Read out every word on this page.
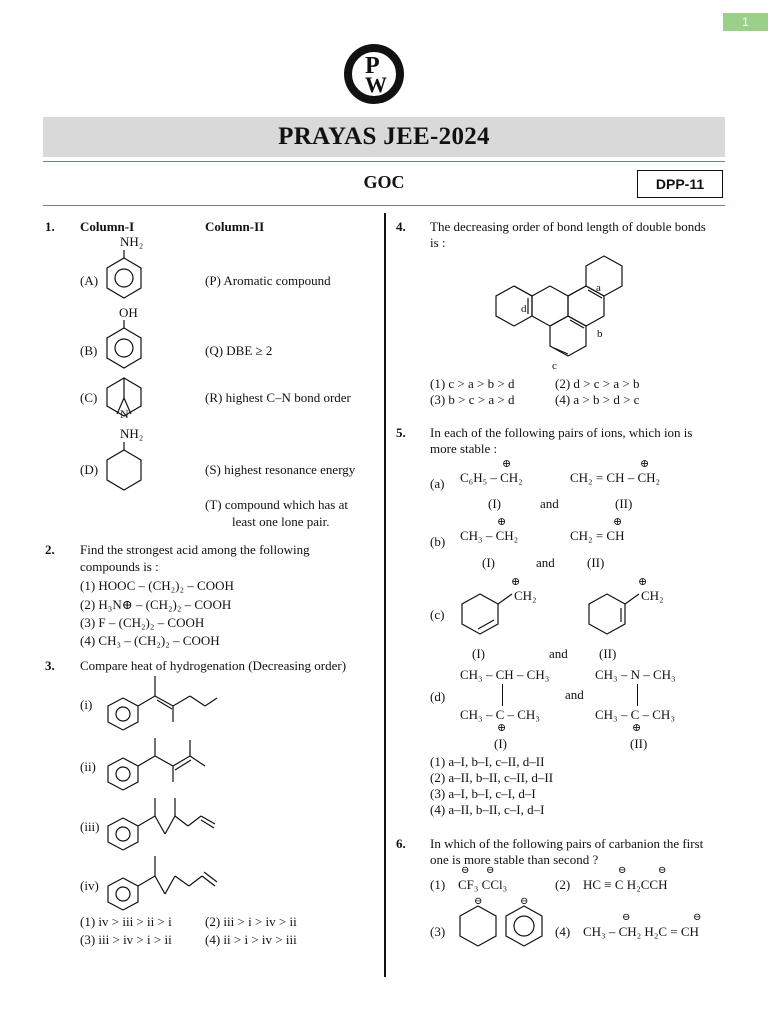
1
P
W
PRAYAS JEE-2024
GOC	DPP-11
1. Column-I	Column-II
NH₂
(A)	(P) Aromatic compound
OH
(B)	(Q) DBE ≥ 2
N
(C)	(R) highest C–N bond order
NH₂
(D)	(S) highest resonance energy
(T) compound which has at
least one lone pair.
2. Find the strongest acid among the following
compounds is :
(1) HOOC – (CH₂)₂ – COOH
(2) H₃N⊕ – (CH₂)₂ – COOH
(3) F – (CH₂)₂ – COOH
(4) CH₃ – (CH₂)₂ – COOH
3. Compare heat of hydrogenation (Decreasing order)
(i)
(ii)
(iii)
(iv)
(1) iv > iii > ii > i	(2) iii > i > iv > ii
(3) iii > iv > i > ii	(4) ii > i > iv > iii
4. The decreasing order of bond length of double bonds
is :
a
b
c
d
(1) c > a > b > d	(2) d > c > a > b
(3) b > c > a > d	(4) a > b > d > c
5. In each of the following pairs of ions, which ion is
more stable :
(a)
⊕
C₆H₅ – CH₂
⊕
CH₂ = CH – CH₂
(I)	and	(II)
(b)
⊕
CH₃ – CH₂
⊕
CH₂ = CH
(I)	and (II)
(c)
⊕
CH₂
⊕
CH₂
(I)	and (II)
(d)
CH₃ – CH – CH₃
CH₃ – C – CH₃
⊕
and
CH₃ – N – CH₃
CH₃ – C – CH₃
⊕
(I)	(II)
(1) a–I, b–I, c–II, d–II
(2) a–II, b–II, c–II, d–II
(3) a–I, b–I, c–I, d–I
(4) a–II, b–II, c–I, d–I
6. In which of the following pairs of carbanion the first
one is more stable than second ?
(1)
⊖ ⊖
CF₃ CCl₃	(2)
⊖	⊖
HC ≡ C H₂CCH
(3)
⊖	⊖
(4)
⊖	⊖
CH₃ – CH₂ H₂C = CH
